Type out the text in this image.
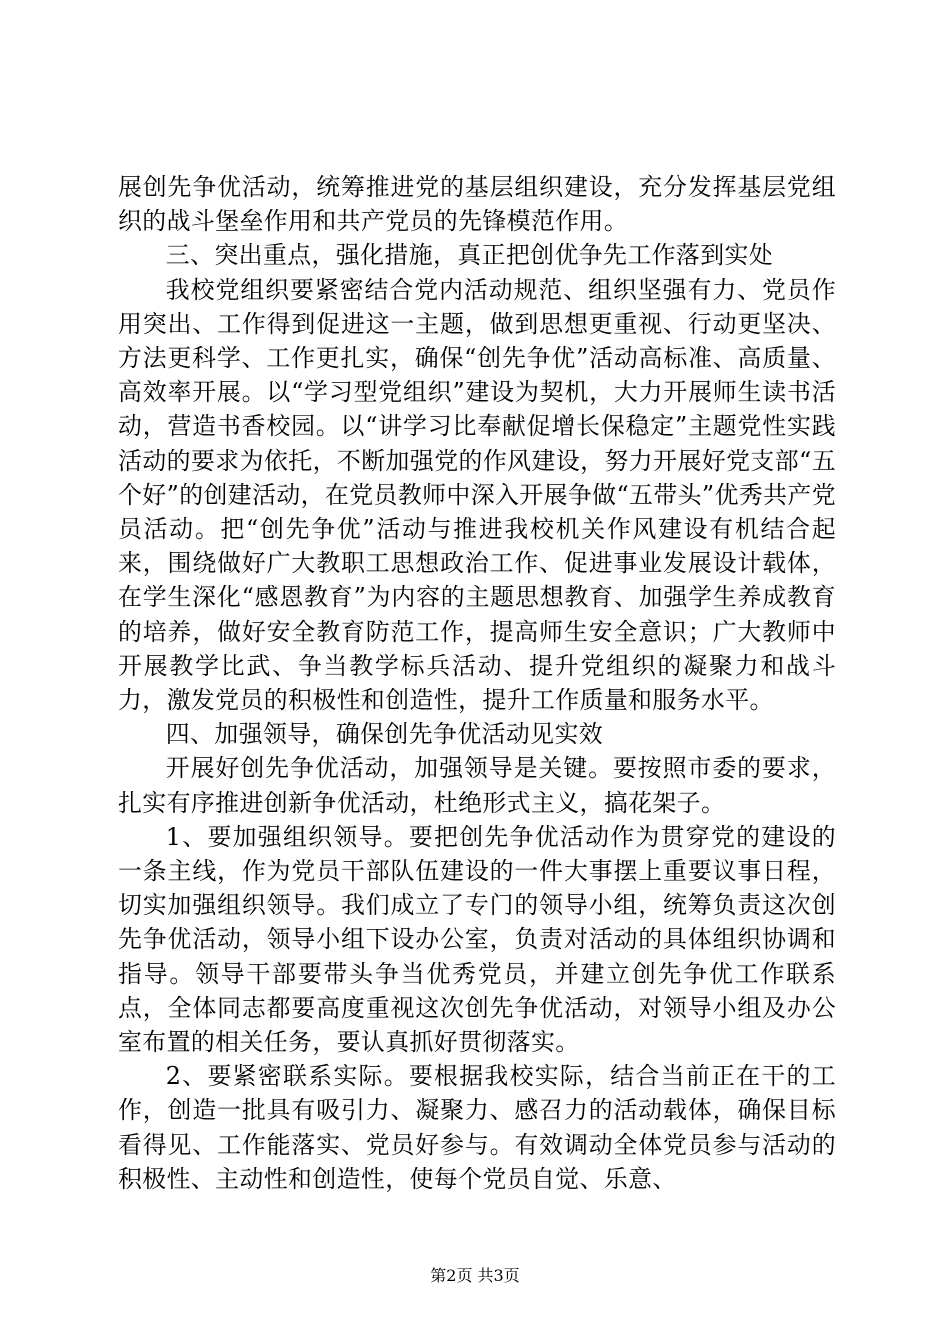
展创先争优活动，统筹推进党的基层组织建设，充分发挥基层党组织的战斗堡垒作用和共产党员的先锋模范作用。

三、突出重点，强化措施，真正把创优争先工作落到实处

我校党组织要紧密结合党内活动规范、组织坚强有力、党员作用突出、工作得到促进这一主题，做到思想更重视、行动更坚决、方法更科学、工作更扎实，确保“创先争优”活动高标准、高质量、高效率开展。以“学习型党组织”建设为契机，大力开展师生读书活动，营造书香校园。以“讲学习比奉献促增长保稳定”主题党性实践活动的要求为依托，不断加强党的作风建设，努力开展好党支部“五个好”的创建活动，在党员教师中深入开展争做“五带头”优秀共产党员活动。把“创先争优”活动与推进我校机关作风建设有机结合起来，围绕做好广大教职工思想政治工作、促进事业发展设计载体，在学生深化“感恩教育”为内容的主题思想教育、加强学生养成教育的培养，做好安全教育防范工作，提高师生安全意识；广大教师中开展教学比武、争当教学标兵活动、提升党组织的凝聚力和战斗力，激发党员的积极性和创造性，提升工作质量和服务水平。

四、加强领导，确保创先争优活动见实效

开展好创先争优活动，加强领导是关键。要按照市委的要求，扎实有序推进创新争优活动，杜绝形式主义，搞花架子。

1、要加强组织领导。要把创先争优活动作为贯穿党的建设的一条主线，作为党员干部队伍建设的一件大事摆上重要议事日程，切实加强组织领导。我们成立了专门的领导小组，统筹负责这次创先争优活动，领导小组下设办公室，负责对活动的具体组织协调和指导。领导干部要带头争当优秀党员，并建立创先争优工作联系点，全体同志都要高度重视这次创先争优活动，对领导小组及办公室布置的相关任务，要认真抓好贯彻落实。

2、要紧密联系实际。要根据我校实际，结合当前正在干的工作，创造一批具有吸引力、凝聚力、感召力的活动载体，确保目标看得见、工作能落实、党员好参与。有效调动全体党员参与活动的积极性、主动性和创造性，使每个党员自觉、乐意、

第2页 共3页
